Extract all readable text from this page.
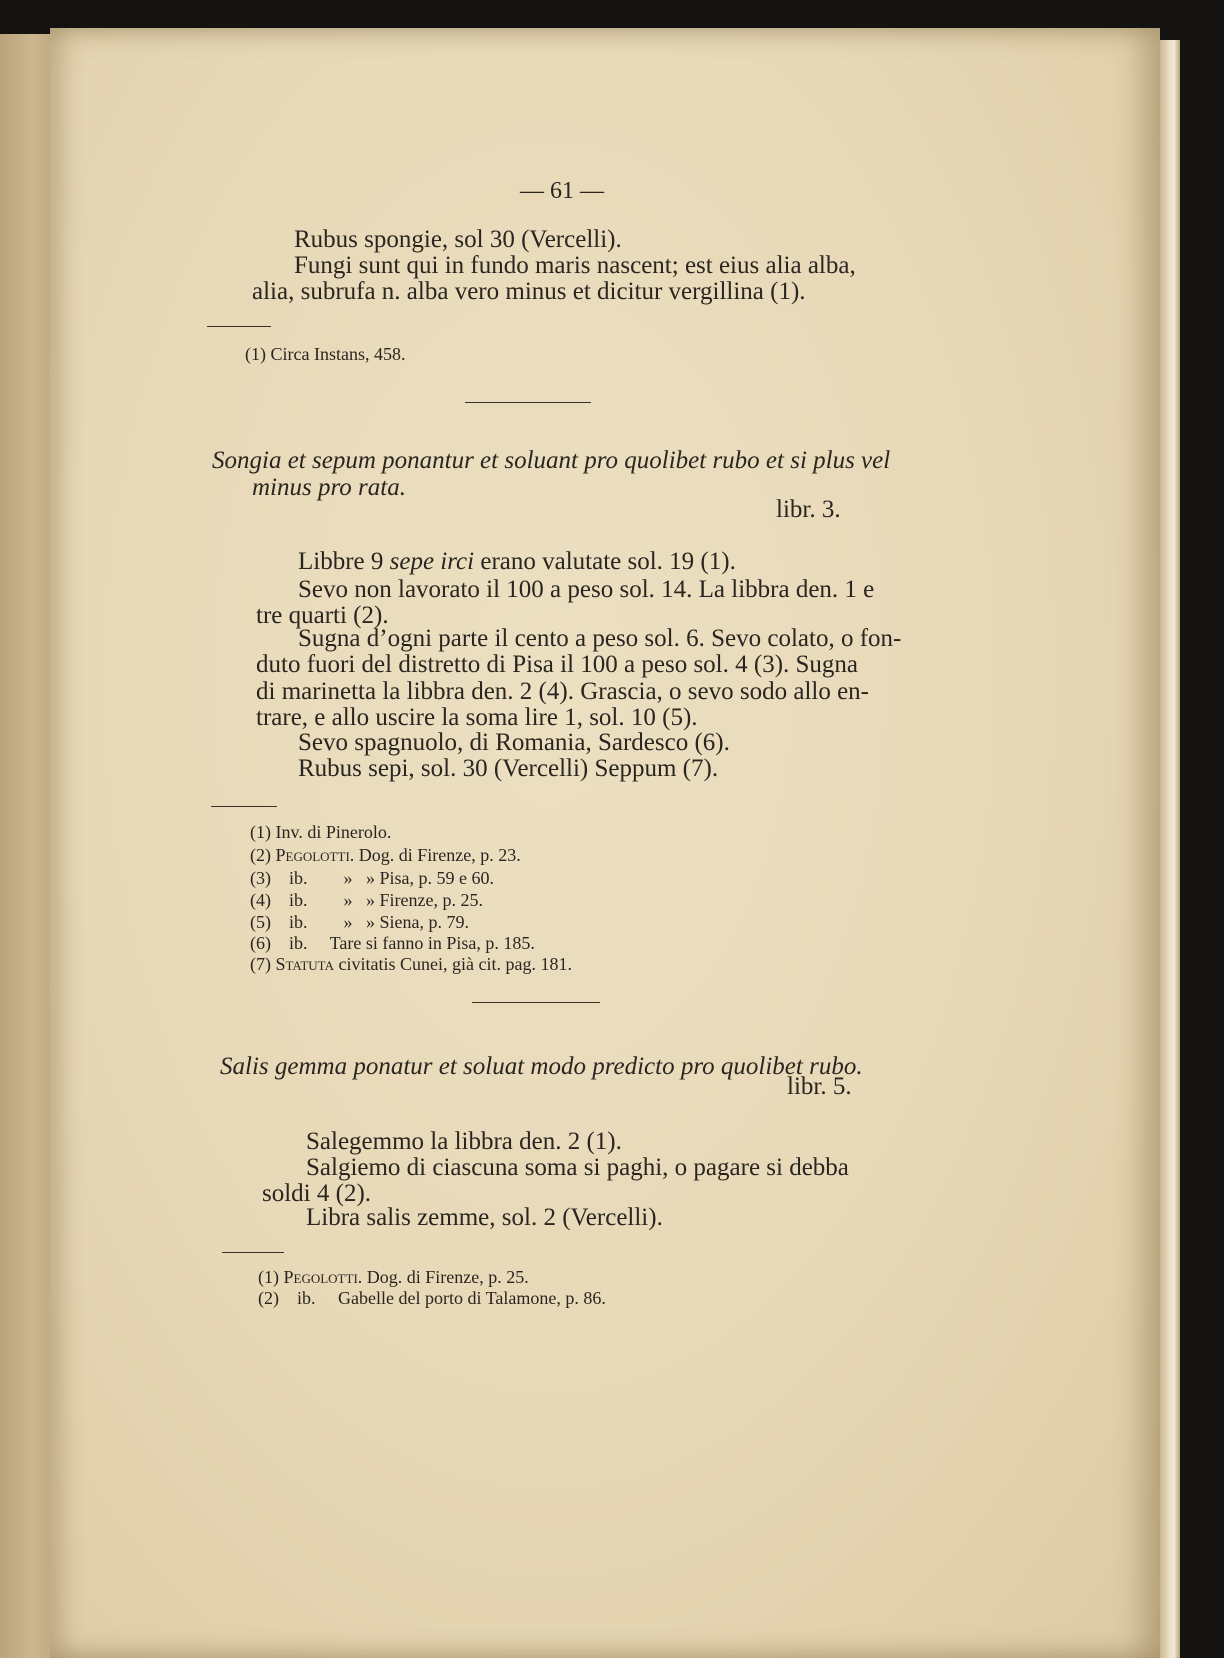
— 61 —
Rubus spongie, sol 30 (Vercelli).
Fungi sunt qui in fundo maris nascent; est eius alia alba,
alia, subrufa n. alba vero minus et dicitur vergillina (1).
(1) Circa Instans, 458.
Songia et sepum ponantur et soluant pro quolibet rubo et si plus vel
minus pro rata.
libr. 3.
Libbre 9 sepe irci erano valutate sol. 19 (1).
Sevo non lavorato il 100 a peso sol. 14. La libbra den. 1 e
tre quarti (2).
Sugna d’ogni parte il cento a peso sol. 6. Sevo colato, o fon-
duto fuori del distretto di Pisa il 100 a peso sol. 4 (3). Sugna
di marinetta la libbra den. 2 (4). Grascia, o sevo sodo allo en-
trare, e allo uscire la soma lire 1, sol. 10 (5).
Sevo spagnuolo, di Romania, Sardesco (6).
Rubus sepi, sol. 30 (Vercelli) Seppum (7).
(1) Inv. di Pinerolo.
(2) Pegolotti. Dog. di Firenze, p. 23.
(3) ib.        »   » Pisa, p. 59 e 60.
(4) ib.        »   » Firenze, p. 25.
(5) ib.        »   » Siena, p. 79.
(6) ib.     Tare si fanno in Pisa, p. 185.
(7) Statuta civitatis Cunei, già cit. pag. 181.
Salis gemma ponatur et soluat modo predicto pro quolibet rubo.
libr. 5.
Salegemmo la libbra den. 2 (1).
Salgiemo di ciascuna soma si paghi, o pagare si debba
soldi 4 (2).
Libra salis zemme, sol. 2 (Vercelli).
(1) Pegolotti. Dog. di Firenze, p. 25.
(2) ib.     Gabelle del porto di Talamone, p. 86.
